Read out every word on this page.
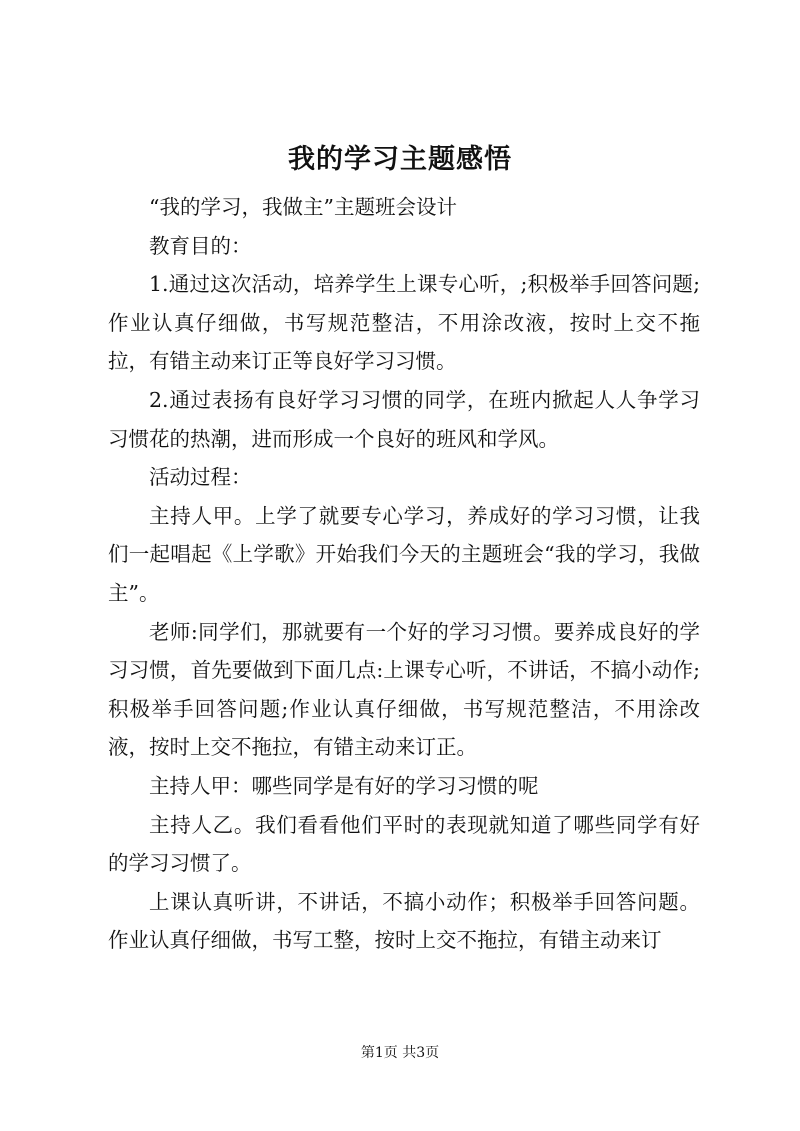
我的学习主题感悟

“我的学习，我做主”主题班会设计

教育目的：

1.通过这次活动，培养学生上课专心听，;积极举手回答问题;作业认真仔细做，书写规范整洁，不用涂改液，按时上交不拖拉，有错主动来订正等良好学习习惯。

2.通过表扬有良好学习习惯的同学，在班内掀起人人争学习习惯花的热潮，进而形成一个良好的班风和学风。

活动过程：

主持人甲。上学了就要专心学习，养成好的学习习惯，让我们一起唱起《上学歌》开始我们今天的主题班会“我的学习，我做主”。

老师:同学们，那就要有一个好的学习习惯。要养成良好的学习习惯，首先要做到下面几点:上课专心听，不讲话，不搞小动作;积极举手回答问题;作业认真仔细做，书写规范整洁，不用涂改液，按时上交不拖拉，有错主动来订正。

主持人甲：哪些同学是有好的学习习惯的呢

主持人乙。我们看看他们平时的表现就知道了哪些同学有好的学习习惯了。

上课认真听讲，不讲话，不搞小动作；积极举手回答问题。作业认真仔细做，书写工整，按时上交不拖拉，有错主动来订

第1页 共3页
